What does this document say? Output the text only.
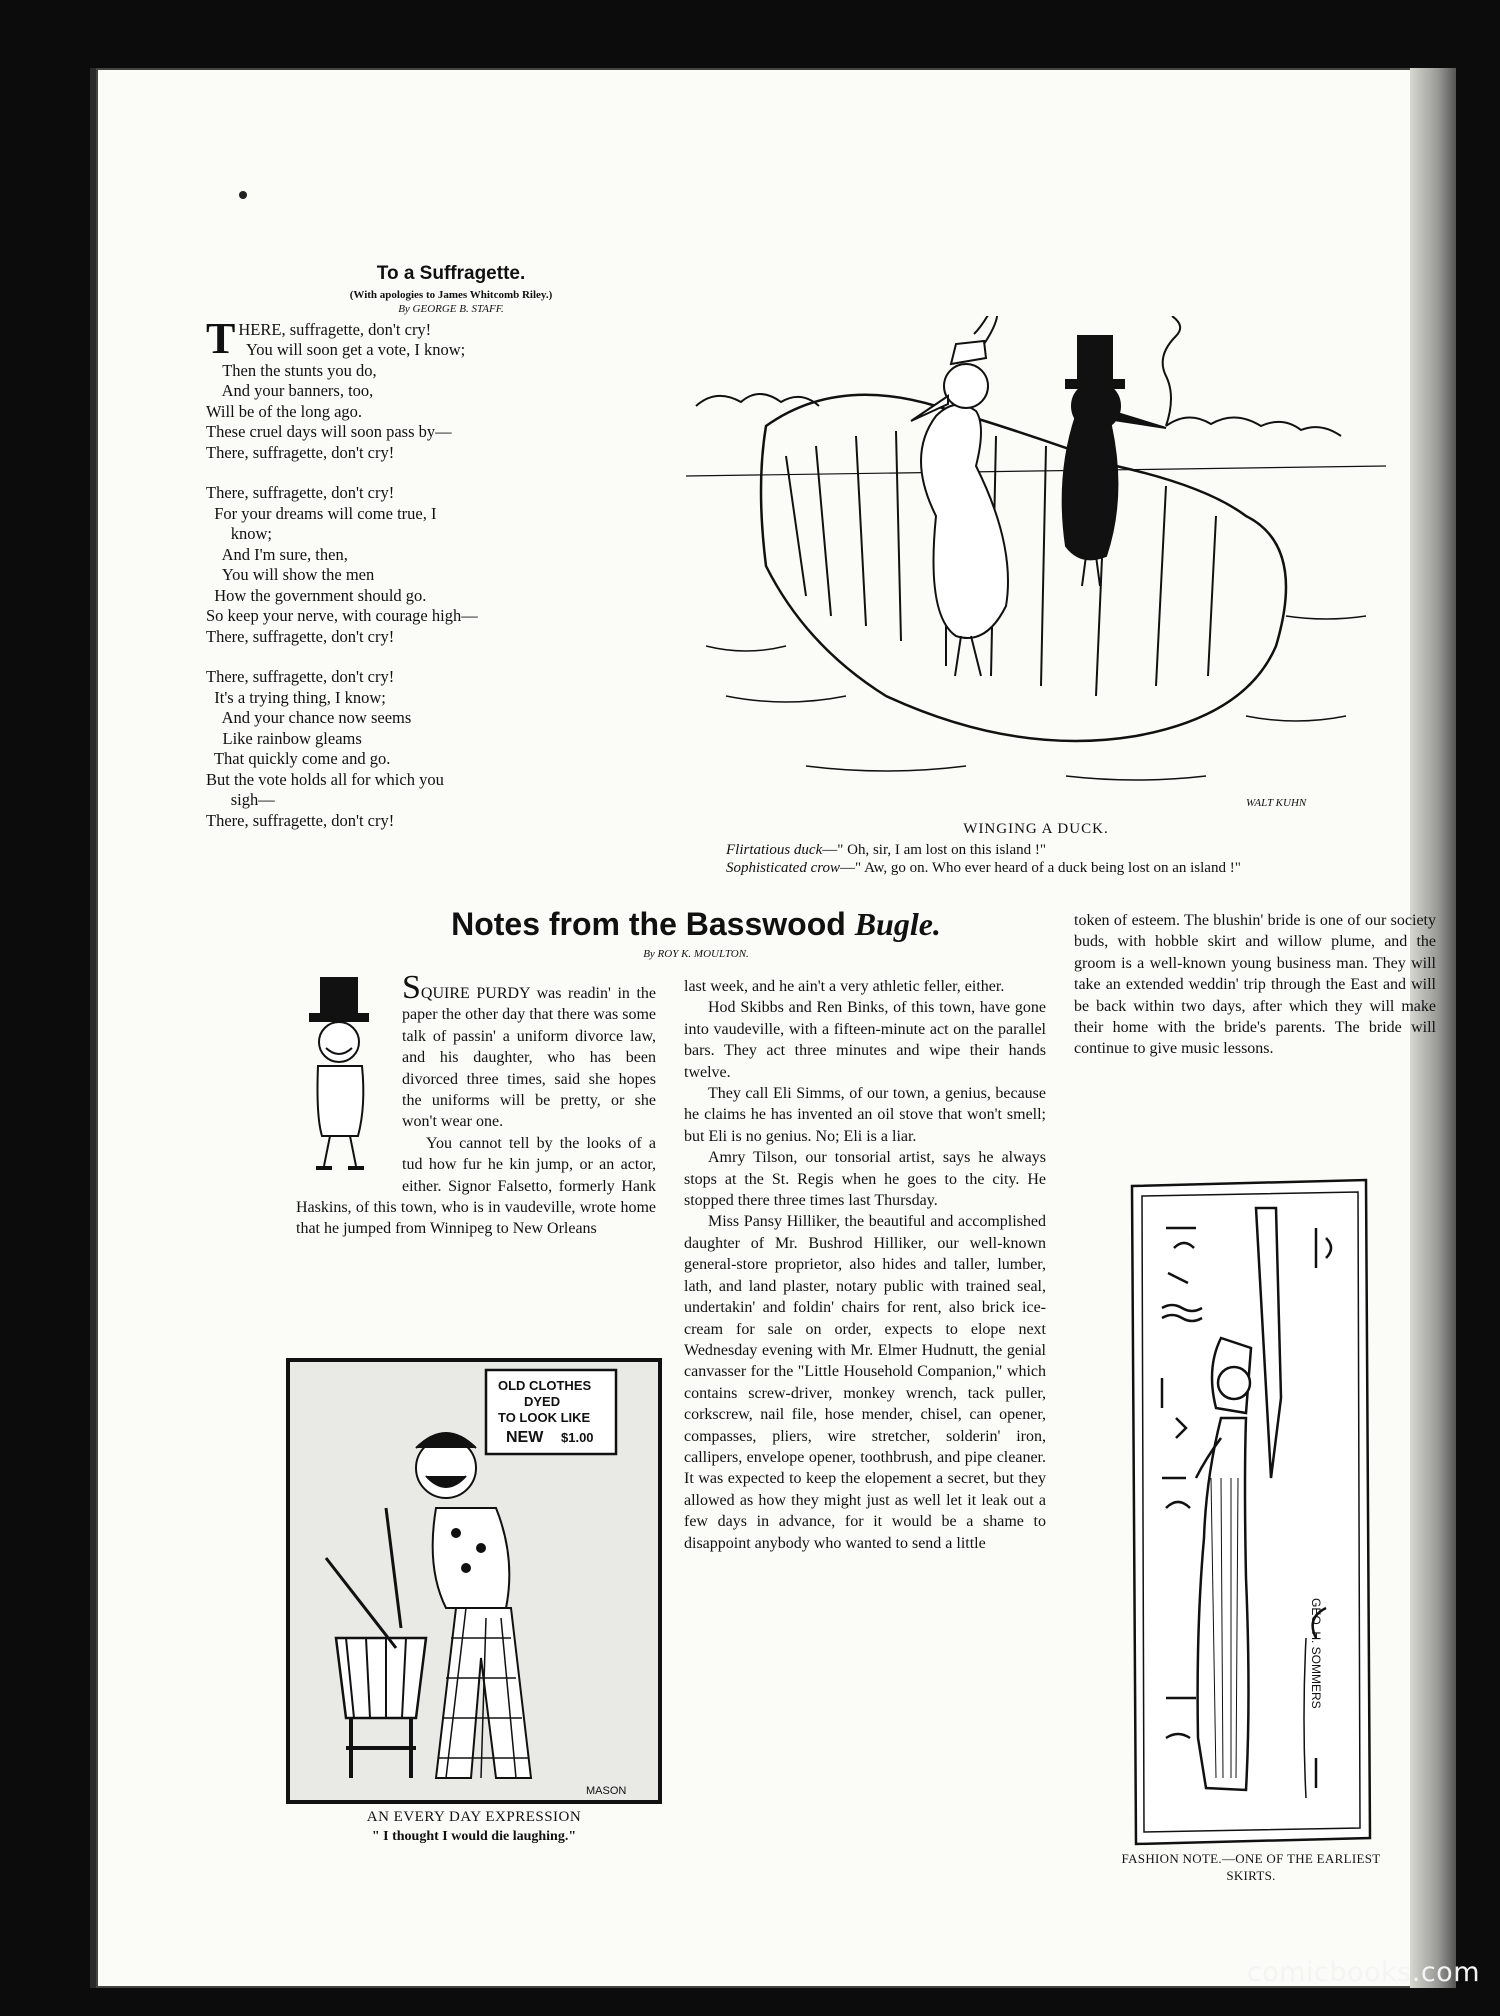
To a Suffragette.
(With apologies to James Whitcomb Riley.)
By GEORGE B. STAFF.
T HERE, suffragette, don't cry!
You will soon get a vote, I know;
Then the stunts you do,
And your banners, too,
Will be of the long ago.
These cruel days will soon pass by—
There, suffragette, don't cry!
There, suffragette, don't cry!
For your dreams will come true, I
know;
And I'm sure, then,
You will show the men
How the government should go.
So keep your nerve, with courage high—
There, suffragette, don't cry!
There, suffragette, don't cry!
It's a trying thing, I know;
And your chance now seems
Like rainbow gleams
That quickly come and go.
But the vote holds all for which you
sigh—
There, suffragette, don't cry!
WALT KUHN
WINGING A DUCK.
Flirtatious duck—" Oh, sir, I am lost on this island !"
Sophisticated crow—" Aw, go on. Who ever heard of a duck being lost on an island !"
Notes from the Basswood Bugle.
By ROY K. MOULTON.

SQUIRE PURDY was readin' in the paper the other day that there was some talk of passin' a uniform divorce law, and his daughter, who has been divorced three times, said she hopes the uniforms will be pretty, or she won't wear one.

You cannot tell by the looks of a tud how fur he kin jump, or an actor, either. Signor Falsetto, formerly Hank Haskins, of this town, who is in vaudeville, wrote home that he jumped from Winnipeg to New Orleans

last week, and he ain't a very athletic feller, either.

Hod Skibbs and Ren Binks, of this town, have gone into vaudeville, with a fifteen-minute act on the parallel bars. They act three minutes and wipe their hands twelve.

They call Eli Simms, of our town, a genius, because he claims he has invented an oil stove that won't smell; but Eli is no genius. No; Eli is a liar.

Amry Tilson, our tonsorial artist, says he always stops at the St. Regis when he goes to the city. He stopped there three times last Thursday.

Miss Pansy Hilliker, the beautiful and accomplished daughter of Mr. Bushrod Hilliker, our well-known general-store proprietor, also hides and taller, lumber, lath, and land plaster, notary public with trained seal, undertakin' and foldin' chairs for rent, also brick ice-cream for sale on order, expects to elope next Wednesday evening with Mr. Elmer Hudnutt, the genial canvasser for the "Little Household Companion," which contains screw-driver, monkey wrench, tack puller, corkscrew, nail file, hose mender, chisel, can opener, compasses, pliers, wire stretcher, solderin' iron, callipers, envelope opener, toothbrush, and pipe cleaner. It was expected to keep the elopement a secret, but they allowed as how they might just as well let it leak out a few days in advance, for it would be a shame to disappoint anybody who wanted to send a little

token of esteem. The blushin' bride is one of our society buds, with hobble skirt and willow plume, and the groom is a well-known young business man. They will take an extended weddin' trip through the East and will be back within two days, after which they will make their home with the bride's parents. The bride will continue to give music lessons.

OLD CLOTHES
DYED
TO LOOK LIKE
NEW $1.00
MASON
AN EVERY DAY EXPRESSION
" I thought I would die laughing."
GEO. H. SOMMERS
FASHION NOTE.—ONE OF THE EARLIEST SKIRTS.
comicbooks.com
